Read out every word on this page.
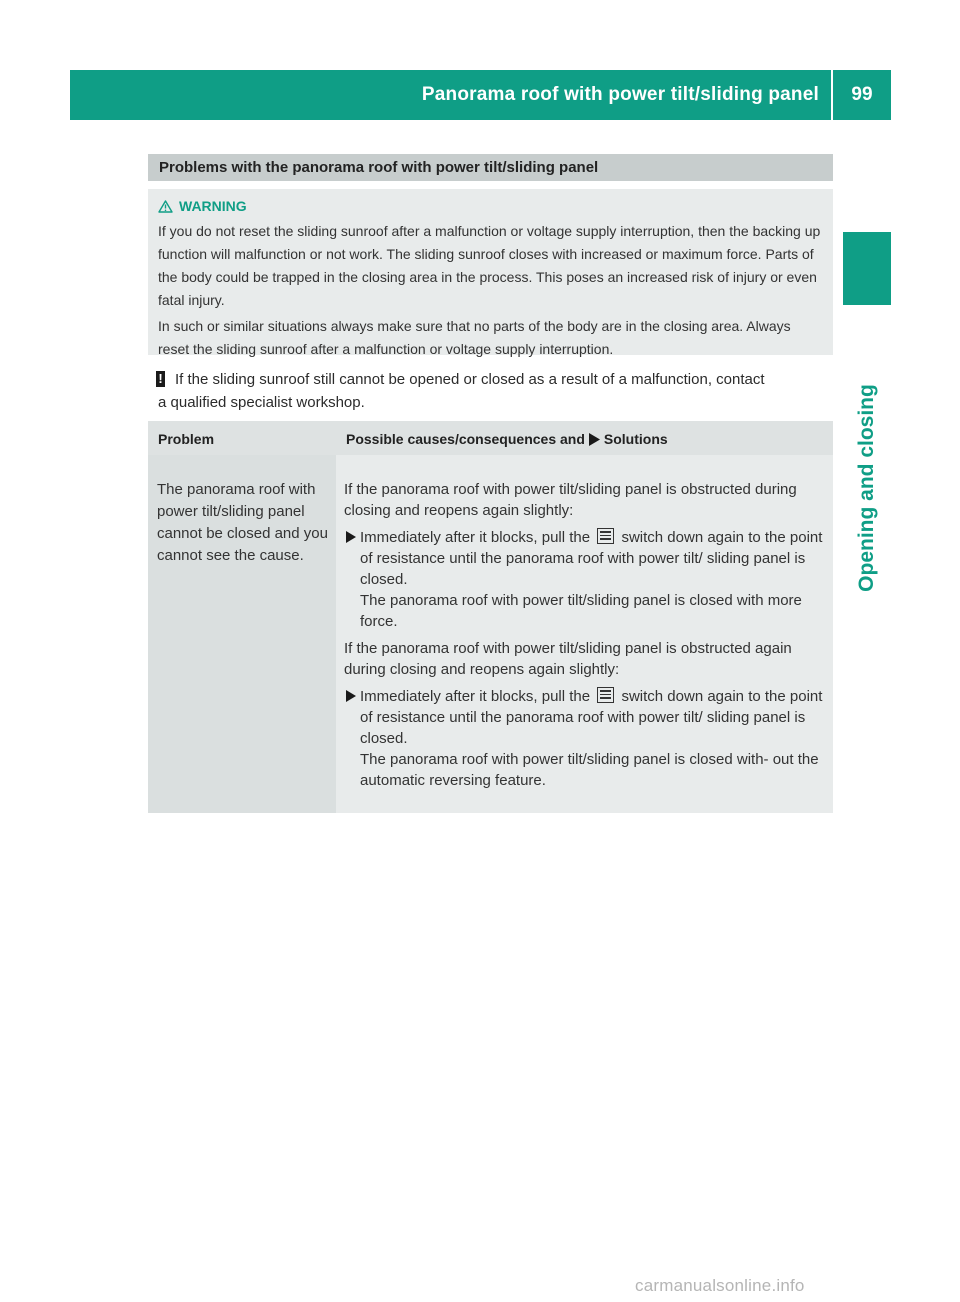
Panorama roof with power tilt/sliding panel	99
Opening and closing
Problems with the panorama roof with power tilt/sliding panel
WARNING

If you do not reset the sliding sunroof after a malfunction or voltage supply interruption, then the backing up function will malfunction or not work. The sliding sunroof closes with increased or maximum force. Parts of the body could be trapped in the closing area in the process. This poses an increased risk of injury or even fatal injury.

In such or similar situations always make sure that no parts of the body are in the closing area. Always reset the sliding sunroof after a malfunction or voltage supply interruption.

! If the sliding sunroof still cannot be opened or closed as a result of a malfunction, contact
a qualified specialist workshop.
Problem	Possible causes/consequences and Solutions
The panorama roof with power tilt/sliding panel cannot be closed and you cannot see the cause.

If the panorama roof with power tilt/sliding panel is obstructed during closing and reopens again slightly:

Immediately after it blocks, pull the switch down again to the point of resistance until the panorama roof with power tilt/ sliding panel is closed.
The panorama roof with power tilt/sliding panel is closed with more force.

If the panorama roof with power tilt/sliding panel is obstructed again during closing and reopens again slightly:

Immediately after it blocks, pull the switch down again to the point of resistance until the panorama roof with power tilt/ sliding panel is closed.
The panorama roof with power tilt/sliding panel is closed with- out the automatic reversing feature.
carmanualsonline.info
